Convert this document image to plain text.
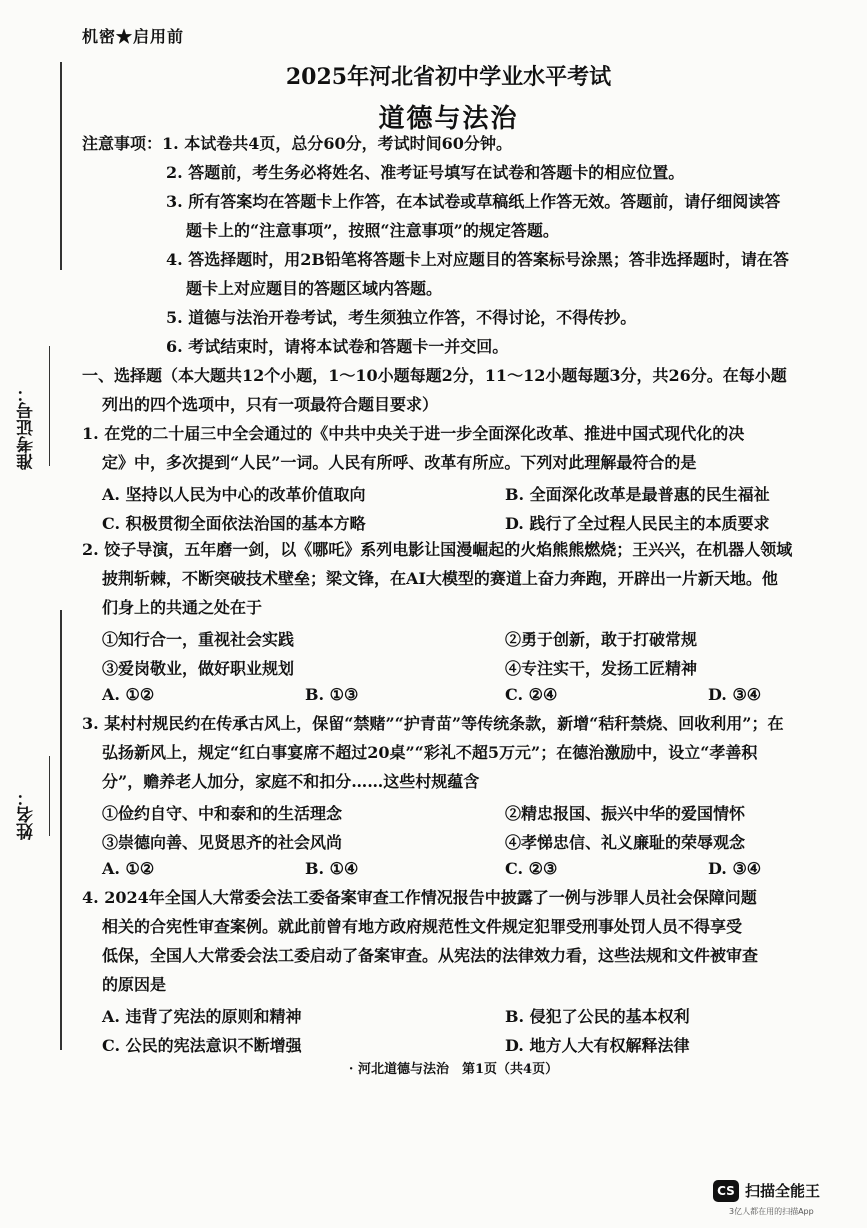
机密★启用前
2025年河北省初中学业水平考试
道德与法治
准考证号：
姓名：
注意事项：1. 本试卷共4页，总分60分，考试时间60分钟。
2. 答题前，考生务必将姓名、准考证号填写在试卷和答题卡的相应位置。
3. 所有答案均在答题卡上作答，在本试卷或草稿纸上作答无效。答题前，请仔细阅读答
题卡上的“注意事项”，按照“注意事项”的规定答题。
4. 答选择题时，用2B铅笔将答题卡上对应题目的答案标号涂黑；答非选择题时，请在答
题卡上对应题目的答题区域内答题。
5. 道德与法治开卷考试，考生须独立作答，不得讨论，不得传抄。
6. 考试结束时，请将本试卷和答题卡一并交回。
一、选择题（本大题共12个小题，1～10小题每题2分，11～12小题每题3分，共26分。在每小题
列出的四个选项中，只有一项最符合题目要求）
1. 在党的二十届三中全会通过的《中共中央关于进一步全面深化改革、推进中国式现代化的决
定》中，多次提到“人民”一词。人民有所呼、改革有所应。下列对此理解最符合的是
A. 坚持以人民为中心的改革价值取向	B. 全面深化改革是最普惠的民生福祉
C. 积极贯彻全面依法治国的基本方略	D. 践行了全过程人民民主的本质要求
2. 饺子导演，五年磨一剑，以《哪吒》系列电影让国漫崛起的火焰熊熊燃烧；王兴兴，在机器人领域
披荆斩棘，不断突破技术壁垒；梁文锋，在AI大模型的赛道上奋力奔跑，开辟出一片新天地。他
们身上的共通之处在于
①知行合一，重视社会实践	②勇于创新，敢于打破常规
③爱岗敬业，做好职业规划	④专注实干，发扬工匠精神
A. ①②	B. ①③	C. ②④	D. ③④
3. 某村村规民约在传承古风上，保留“禁赌”“护青苗”等传统条款，新增“秸秆禁烧、回收利用”；在
弘扬新风上，规定“红白事宴席不超过20桌”“彩礼不超5万元”；在德治激励中，设立“孝善积
分”，赡养老人加分，家庭不和扣分……这些村规蕴含
①俭约自守、中和泰和的生活理念	②精忠报国、振兴中华的爱国情怀
③崇德向善、见贤思齐的社会风尚	④孝悌忠信、礼义廉耻的荣辱观念
A. ①②	B. ①④	C. ②③	D. ③④
4. 2024年全国人大常委会法工委备案审查工作情况报告中披露了一例与涉罪人员社会保障问题
相关的合宪性审查案例。就此前曾有地方政府规范性文件规定犯罪受刑事处罚人员不得享受
低保，全国人大常委会法工委启动了备案审查。从宪法的法律效力看，这些法规和文件被审查
的原因是
A. 违背了宪法的原则和精神	B. 侵犯了公民的基本权利
C. 公民的宪法意识不断增强	D. 地方人大有权解释法律
· 河北道德与法治　第1页（共4页）
CS 扫描全能王
3亿人都在用的扫描App
